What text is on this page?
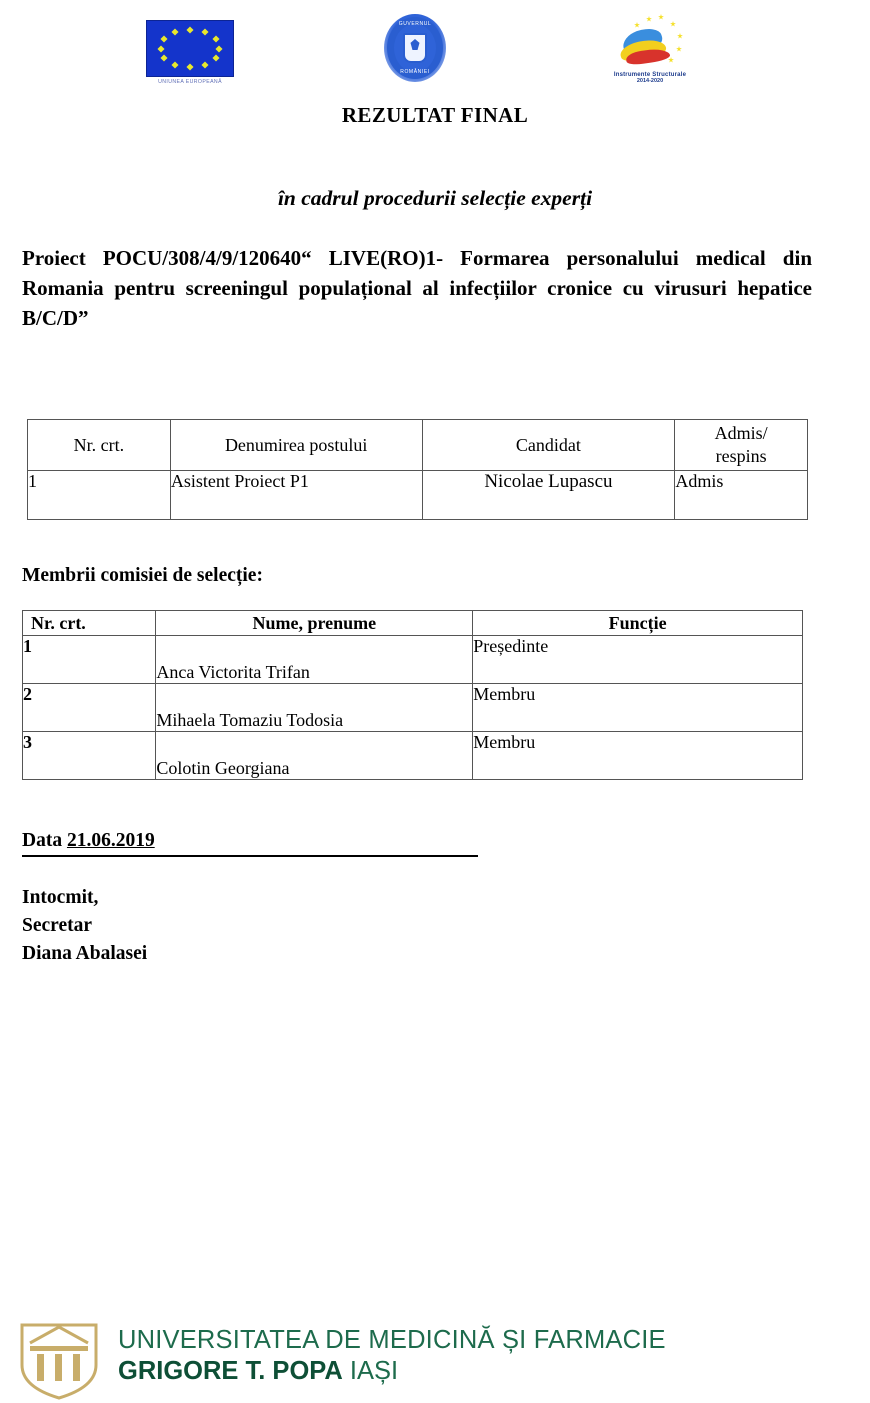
UNIUNEA EUROPEANĂ
GUVERNUL
ROMÂNIEI	Instrumente Structurale
2014-2020
REZULTAT FINAL
în cadrul procedurii selecție experți
Proiect POCU/308/4/9/120640“ LIVE(RO)1- Formarea personalului medical din Romania pentru screeningul populațional al infecțiilor cronice cu virusuri hepatice B/C/D”
Nr. crt.	Denumirea postului	Candidat	Admis/
respins
1	Asistent Proiect P1	Nicolae Lupascu	Admis
Membrii comisiei de selecție:
Nr. crt.	Nume, prenume	Funcție
1	Anca Victorita Trifan	Președinte
2	Mihaela Tomaziu Todosia	Membru
3	Colotin Georgiana	Membru
Data 21.06.2019
Intocmit,
Secretar
Diana Abalasei
UNIVERSITATEA DE MEDICINĂ ȘI FARMACIE
GRIGORE T. POPA IAȘI
